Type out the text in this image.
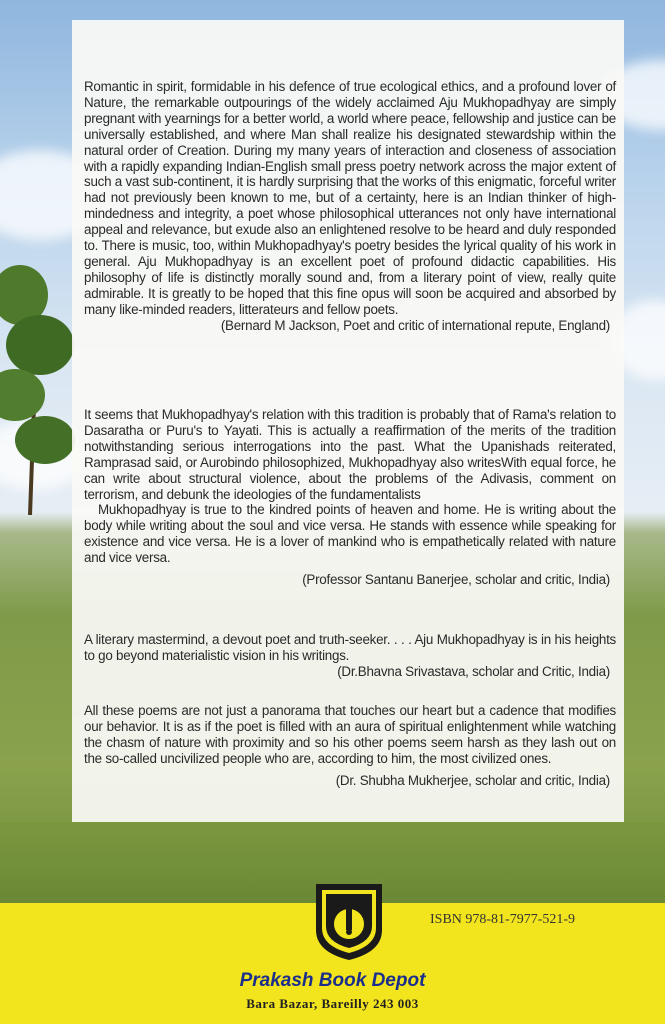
Romantic in spirit, formidable in his defence of true ecological ethics, and a profound lover of Nature, the remarkable outpourings of the widely acclaimed Aju Mukhopadhyay are simply pregnant with yearnings for a better world, a world where peace, fellowship and justice can be universally established, and where Man shall realize his designated stewardship within the natural order of Creation. During my many years of interaction and closeness of association with a rapidly expanding Indian-English small press poetry network across the major extent of such a vast sub-continent, it is hardly surprising that the works of this enigmatic, forceful writer had not previously been known to me, but of a certainty, here is an Indian thinker of high-mindedness and integrity, a poet whose philosophical utterances not only have international appeal and relevance, but exude also an enlightened resolve to be heard and duly responded to. There is music, too, within Mukhopadhyay's poetry besides the lyrical quality of his work in general. Aju Mukhopadhyay is an excellent poet of profound didactic capabilities. His philosophy of life is distinctly morally sound and, from a literary point of view, really quite admirable. It is greatly to be hoped that this fine opus will soon be acquired and absorbed by many like-minded readers, litterateurs and fellow poets.

(Bernard M Jackson, Poet and critic of international repute, England)

It seems that Mukhopadhyay's relation with this tradition is probably that of Rama's relation to Dasaratha or Puru's to Yayati. This is actually a reaffirmation of the merits of the tradition notwithstanding serious interrogations into the past. What the Upanishads reiterated, Ramprasad said, or Aurobindo philosophized, Mukhopadhyay also writesWith equal force, he can write about structural violence, about the problems of the Adivasis, comment on terrorism, and debunk the ideologies of the fundamentalists

Mukhopadhyay is true to the kindred points of heaven and home. He is writing about the body while writing about the soul and vice versa. He stands with essence while speaking for existence and vice versa. He is a lover of mankind who is empathetically related with nature and vice versa.

(Professor Santanu Banerjee, scholar and critic, India)

A literary mastermind, a devout poet and truth-seeker. . . . Aju Mukhopadhyay is in his heights to go beyond materialistic vision in his writings.

(Dr.Bhavna Srivastava, scholar and Critic, India)

All these poems are not just a panorama that touches our heart but a cadence that modifies our behavior. It is as if the poet is filled with an aura of spiritual enlightenment while watching the chasm of nature with proximity and so his other poems seem harsh as they lash out on the so-called uncivilized people who are, according to him, the most civilized ones.

(Dr. Shubha Mukherjee, scholar and critic, India)

ISBN 978-81-7977-521-9
Prakash Book Depot
Bara Bazar, Bareilly 243 003
